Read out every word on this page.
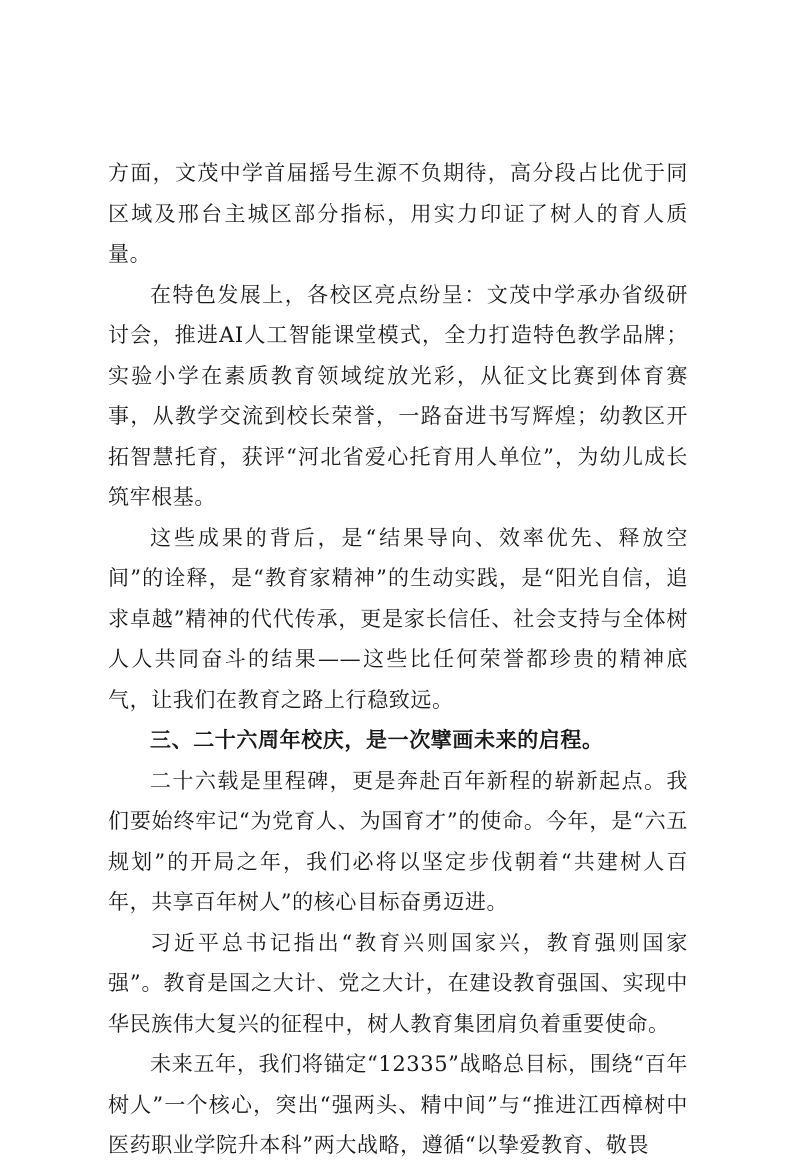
方面，文茂中学首届摇号生源不负期待，高分段占比优于同区域及邢台主城区部分指标，用实力印证了树人的育人质量。

在特色发展上，各校区亮点纷呈：文茂中学承办省级研讨会，推进AI人工智能课堂模式，全力打造特色教学品牌；实验小学在素质教育领域绽放光彩，从征文比赛到体育赛事，从教学交流到校长荣誉，一路奋进书写辉煌；幼教区开拓智慧托育，获评“河北省爱心托育用人单位”，为幼儿成长筑牢根基。

这些成果的背后，是“结果导向、效率优先、释放空间”的诠释，是“教育家精神”的生动实践，是“阳光自信，追求卓越”精神的代代传承，更是家长信任、社会支持与全体树人人共同奋斗的结果——这些比任何荣誉都珍贵的精神底气，让我们在教育之路上行稳致远。

三、二十六周年校庆，是一次擘画未来的启程。

二十六载是里程碑，更是奔赴百年新程的崭新起点。我们要始终牢记“为党育人、为国育才”的使命。今年，是“六五规划”的开局之年，我们必将以坚定步伐朝着“共建树人百年，共享百年树人”的核心目标奋勇迈进。

习近平总书记指出“教育兴则国家兴，教育强则国家强”。教育是国之大计、党之大计，在建设教育强国、实现中华民族伟大复兴的征程中，树人教育集团肩负着重要使命。

未来五年，我们将锚定“12335”战略总目标，围绕“百年树人”一个核心，突出“强两头、精中间”与“推进江西樟树中医药职业学院升本科”两大战略，遵循“以挚爱教育、敬畏
